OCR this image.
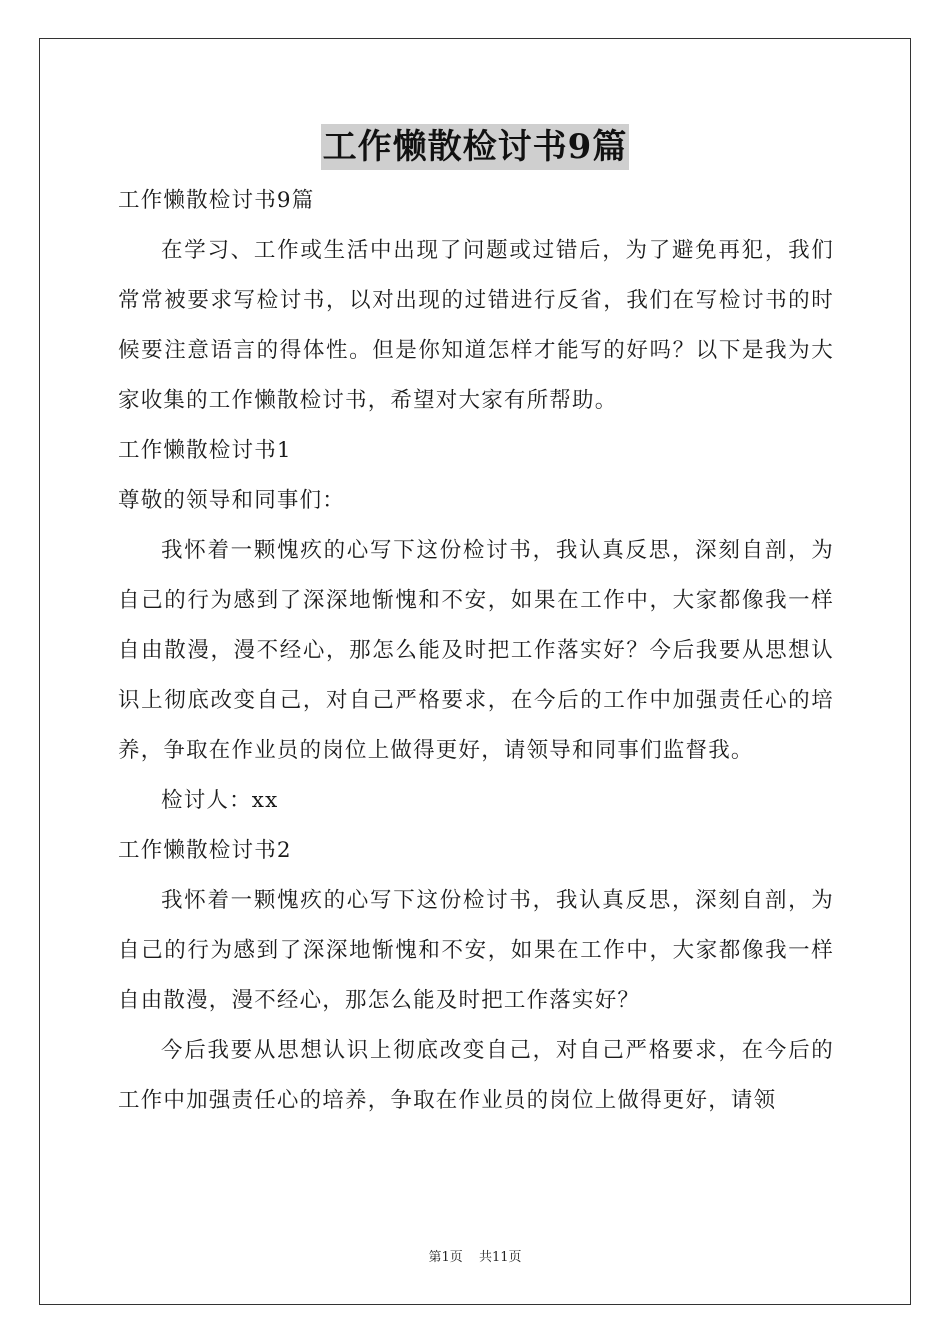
工作懒散检讨书9篇

工作懒散检讨书9篇

在学习、工作或生活中出现了问题或过错后，为了避免再犯，我们常常被要求写检讨书，以对出现的过错进行反省，我们在写检讨书的时候要注意语言的得体性。但是你知道怎样才能写的好吗？以下是我为大家收集的工作懒散检讨书，希望对大家有所帮助。

工作懒散检讨书1

尊敬的领导和同事们：

我怀着一颗愧疚的心写下这份检讨书，我认真反思，深刻自剖，为自己的行为感到了深深地惭愧和不安，如果在工作中，大家都像我一样自由散漫，漫不经心，那怎么能及时把工作落实好？今后我要从思想认识上彻底改变自己，对自己严格要求，在今后的工作中加强责任心的培养，争取在作业员的岗位上做得更好，请领导和同事们监督我。

检讨人：xx

工作懒散检讨书2

我怀着一颗愧疚的心写下这份检讨书，我认真反思，深刻自剖，为自己的行为感到了深深地惭愧和不安，如果在工作中，大家都像我一样自由散漫，漫不经心，那怎么能及时把工作落实好？

今后我要从思想认识上彻底改变自己，对自己严格要求，在今后的工作中加强责任心的培养，争取在作业员的岗位上做得更好，请领

第1页 共11页
